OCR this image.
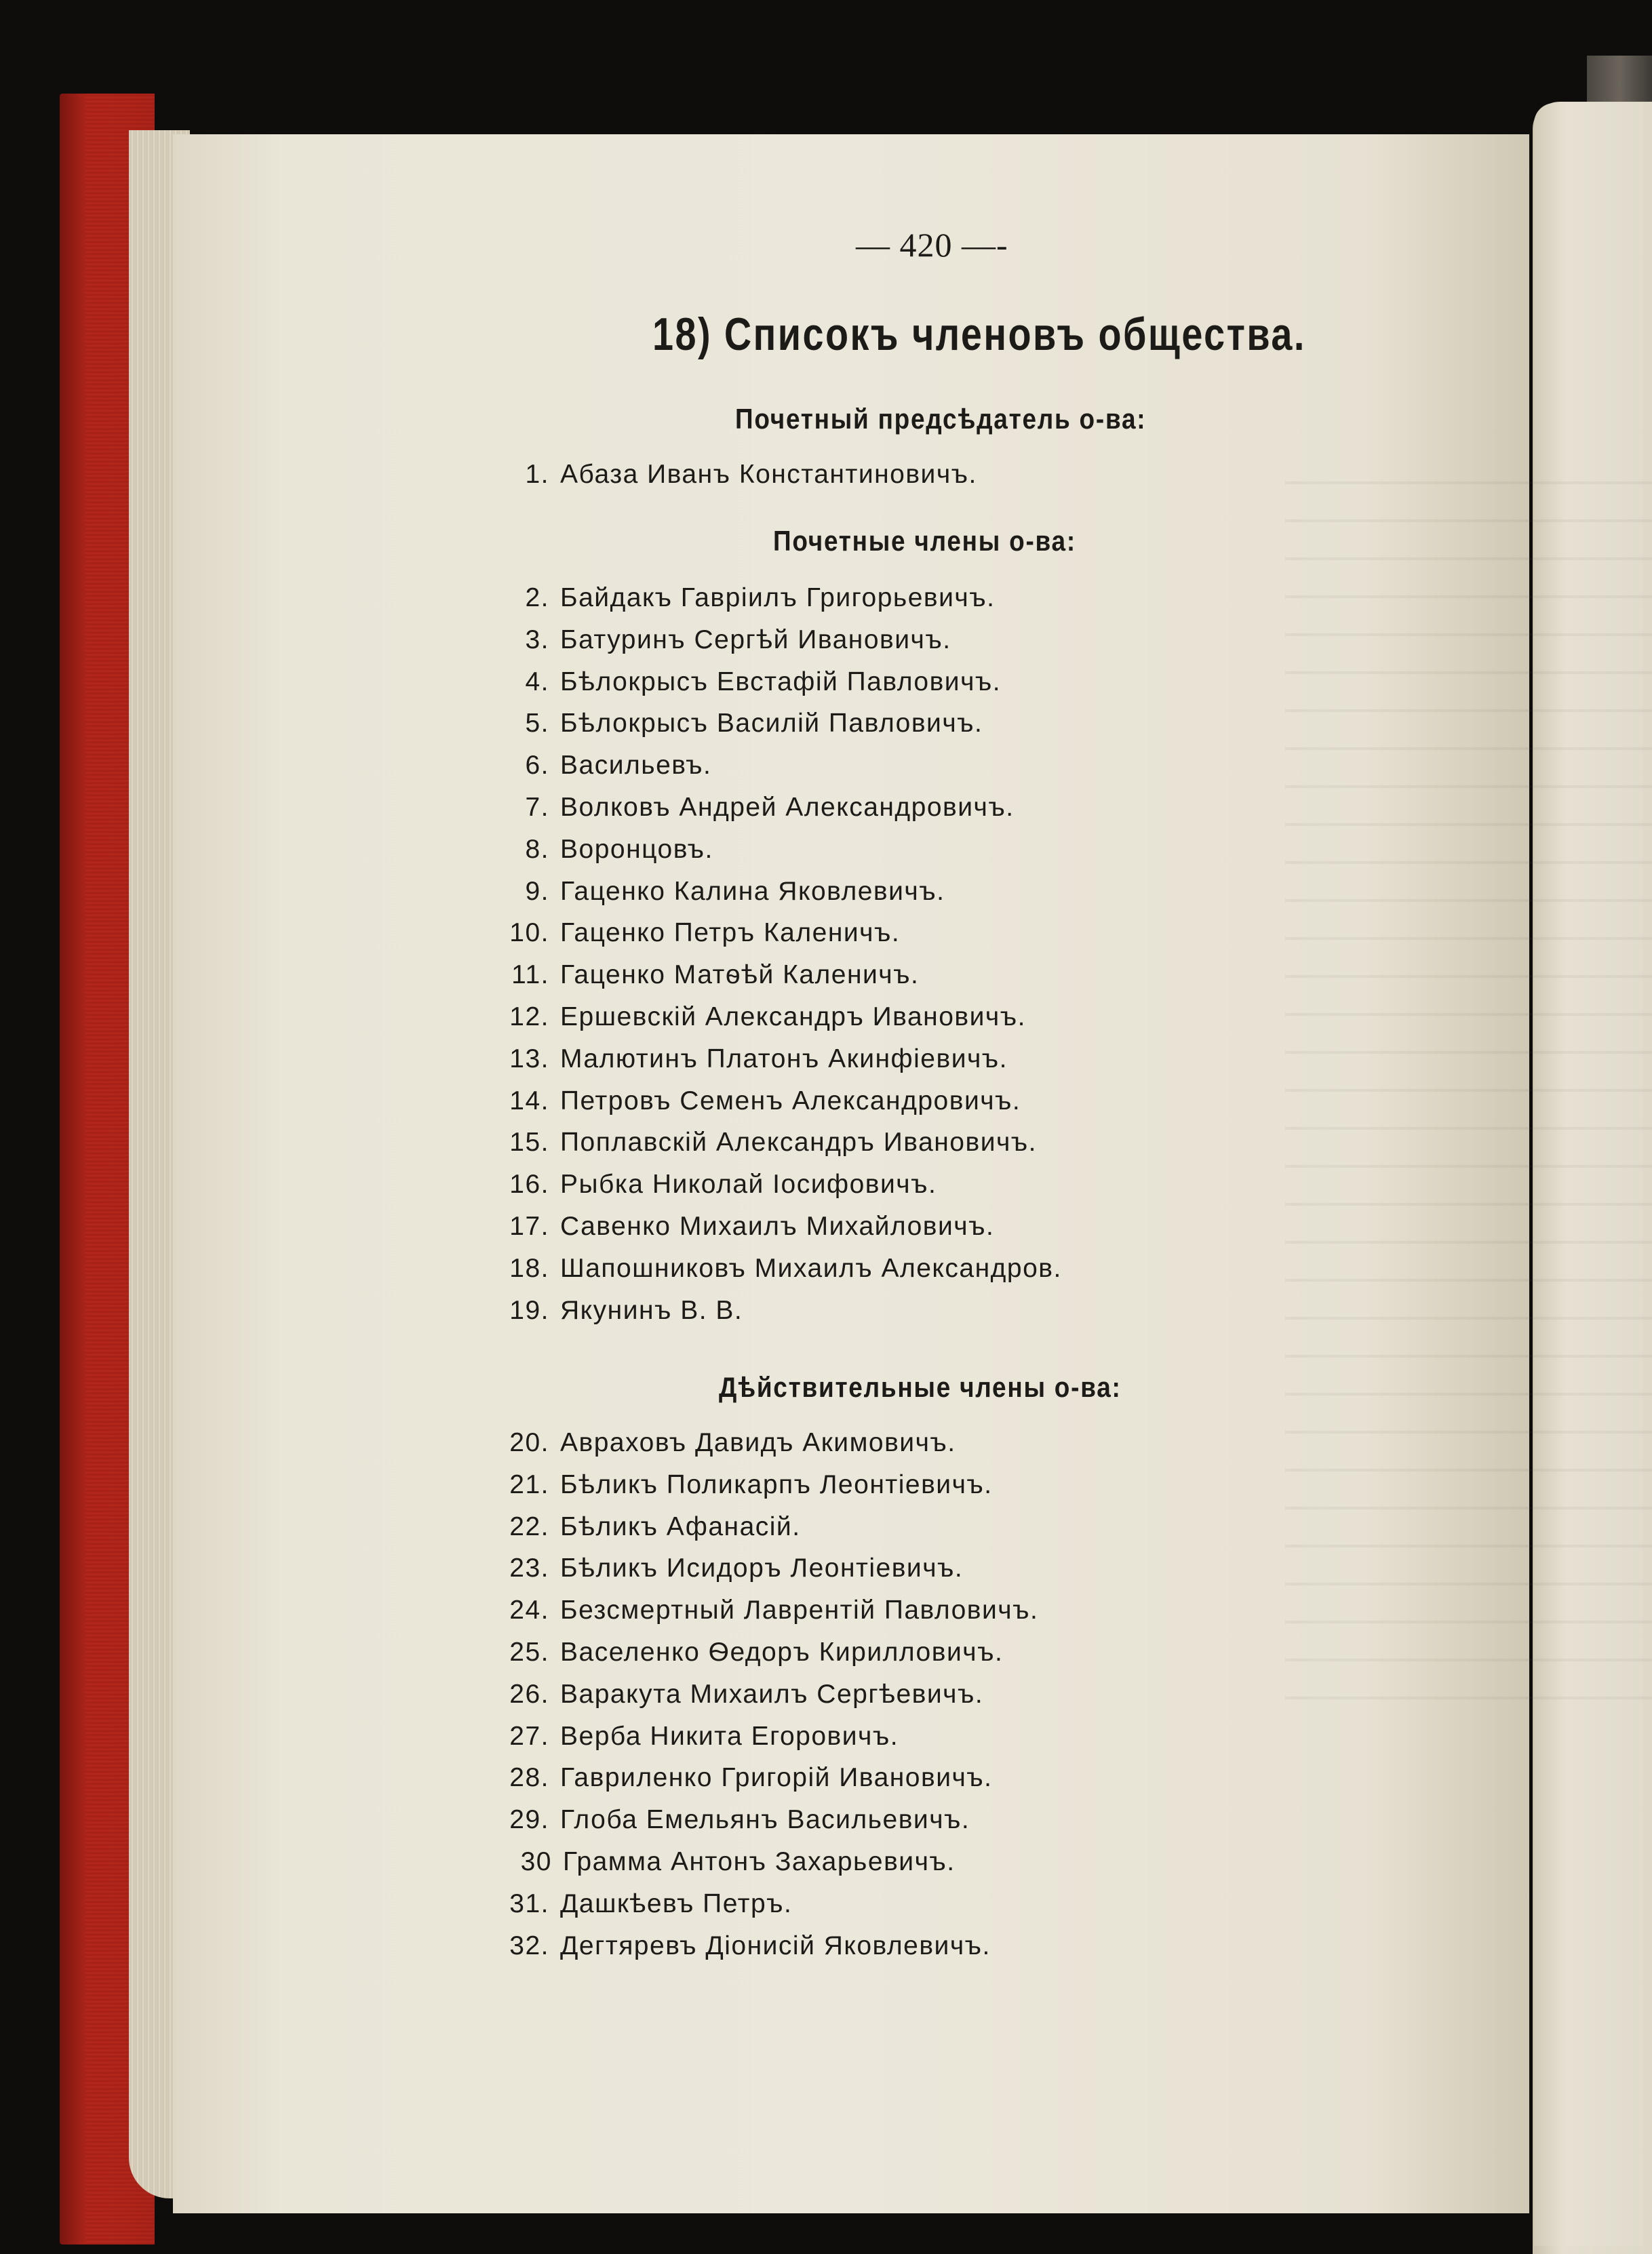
— 420 —-
18) Списокъ членовъ общества.
Почетный предсѣдатель о-ва:
Почетные члены о-ва:
Дѣйствительные члены о-ва:
1. Абаза Иванъ Константиновичъ.
2. Байдакъ Гавріилъ Григорьевичъ.
3. Батуринъ Сергѣй Ивановичъ.
4. Бѣлокрысъ Евстафій Павловичъ.
5. Бѣлокрысъ Василій Павловичъ.
6. Васильевъ.
7. Волковъ Андрей Александровичъ.
8. Воронцовъ.
9. Гаценко Калина Яковлевичъ.
10. Гаценко Петръ Каленичъ.
11. Гаценко Матѳѣй Каленичъ.
12. Ершевскій Александръ Ивановичъ.
13. Малютинъ Платонъ Акинфіевичъ.
14. Петровъ Семенъ Александровичъ.
15. Поплавскій Александръ Ивановичъ.
16. Рыбка Николай Іосифовичъ.
17. Савенко Михаилъ Михайловичъ.
18. Шапошниковъ Михаилъ Александров.
19. Якунинъ В. В.
20. Авраховъ Давидъ Акимовичъ.
21. Бѣликъ Поликарпъ Леонтіевичъ.
22. Бѣликъ Афанасій.
23. Бѣликъ Исидоръ Леонтіевичъ.
24. Безсмертный Лаврентій Павловичъ.
25. Васеленко Ѳедоръ Кирилловичъ.
26. Варакута Михаилъ Сергѣевичъ.
27. Верба Никита Егоровичъ.
28. Гавриленко Григорій Ивановичъ.
29. Глоба Емельянъ Васильевичъ.
30 Грамма Антонъ Захарьевичъ.
31. Дашкѣевъ Петръ.
32. Дегтяревъ Діонисій Яковлевичъ.
